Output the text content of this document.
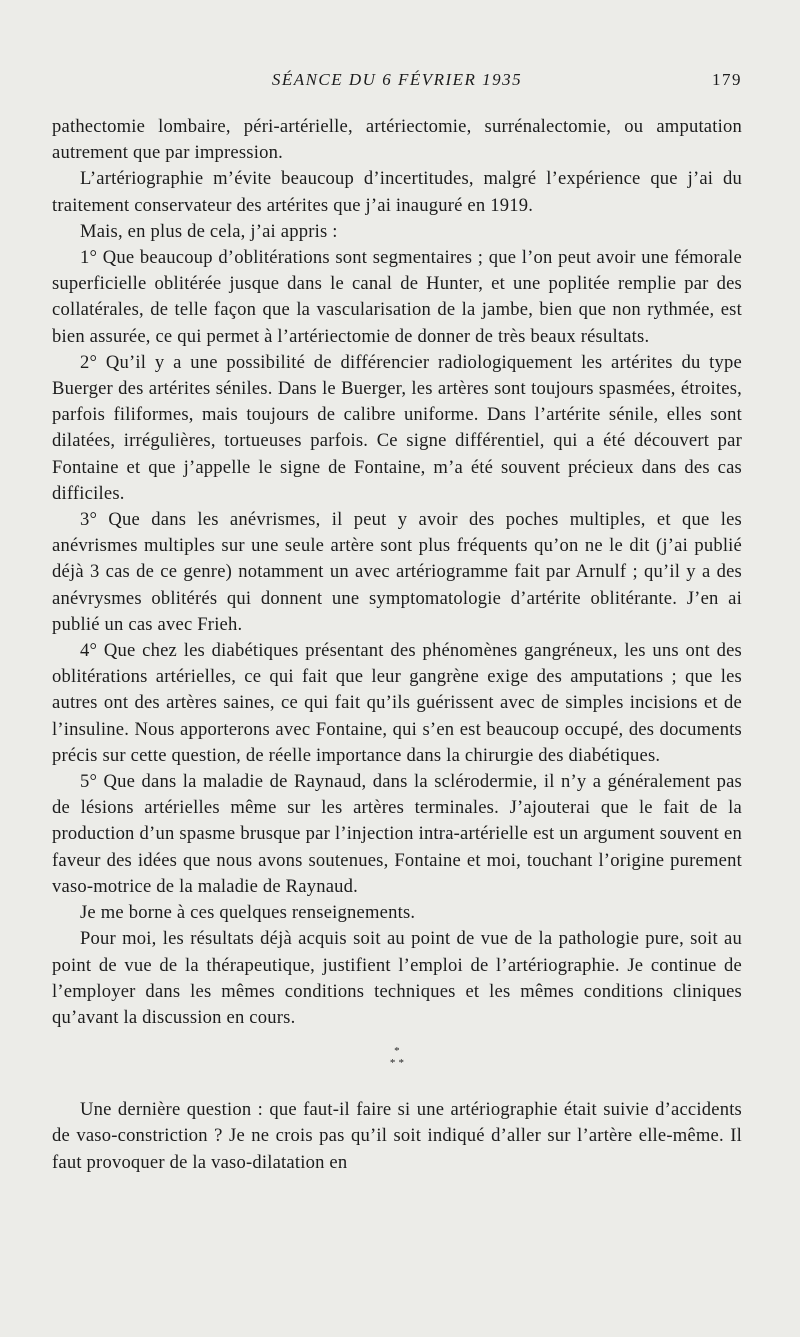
SÉANCE DU 6 FÉVRIER 1935	179

pathectomie lombaire, péri-artérielle, artériectomie, surrénalectomie, ou amputation autrement que par impression.

L’artériographie m’évite beaucoup d’incertitudes, malgré l’expérience que j’ai du traitement conservateur des artérites que j’ai inauguré en 1919.

Mais, en plus de cela, j’ai appris :

1° Que beaucoup d’oblitérations sont segmentaires ; que l’on peut avoir une fémorale superficielle oblitérée jusque dans le canal de Hunter, et une poplitée remplie par des collatérales, de telle façon que la vascularisation de la jambe, bien que non rythmée, est bien assurée, ce qui permet à l’artériectomie de donner de très beaux résultats.

2° Qu’il y a une possibilité de différencier radiologiquement les artérites du type Buerger des artérites séniles. Dans le Buerger, les artères sont toujours spasmées, étroites, parfois filiformes, mais toujours de calibre uniforme. Dans l’artérite sénile, elles sont dilatées, irrégulières, tortueuses parfois. Ce signe différentiel, qui a été découvert par Fontaine et que j’appelle le signe de Fontaine, m’a été souvent précieux dans des cas difficiles.

3° Que dans les anévrismes, il peut y avoir des poches multiples, et que les anévrismes multiples sur une seule artère sont plus fréquents qu’on ne le dit (j’ai publié déjà 3 cas de ce genre) notamment un avec artériogramme fait par Arnulf ; qu’il y a des anévrysmes oblitérés qui donnent une symptomatologie d’artérite oblitérante. J’en ai publié un cas avec Frieh.

4° Que chez les diabétiques présentant des phénomènes gangréneux, les uns ont des oblitérations artérielles, ce qui fait que leur gangrène exige des amputations ; que les autres ont des artères saines, ce qui fait qu’ils guérissent avec de simples incisions et de l’insuline. Nous apporterons avec Fontaine, qui s’en est beaucoup occupé, des documents précis sur cette question, de réelle importance dans la chirurgie des diabétiques.

5° Que dans la maladie de Raynaud, dans la sclérodermie, il n’y a généralement pas de lésions artérielles même sur les artères terminales. J’ajouterai que le fait de la production d’un spasme brusque par l’injection intra-artérielle est un argument souvent en faveur des idées que nous avons soutenues, Fontaine et moi, touchant l’origine purement vaso-motrice de la maladie de Raynaud.

Je me borne à ces quelques renseignements.

Pour moi, les résultats déjà acquis soit au point de vue de la pathologie pure, soit au point de vue de la thérapeutique, justifient l’emploi de l’artériographie. Je continue de l’employer dans les mêmes conditions techniques et les mêmes conditions cliniques qu’avant la discussion en cours.

*
* *

Une dernière question : que faut-il faire si une artériographie était suivie d’accidents de vaso-constriction ? Je ne crois pas qu’il soit indiqué d’aller sur l’artère elle-même. Il faut provoquer de la vaso-dilatation en
